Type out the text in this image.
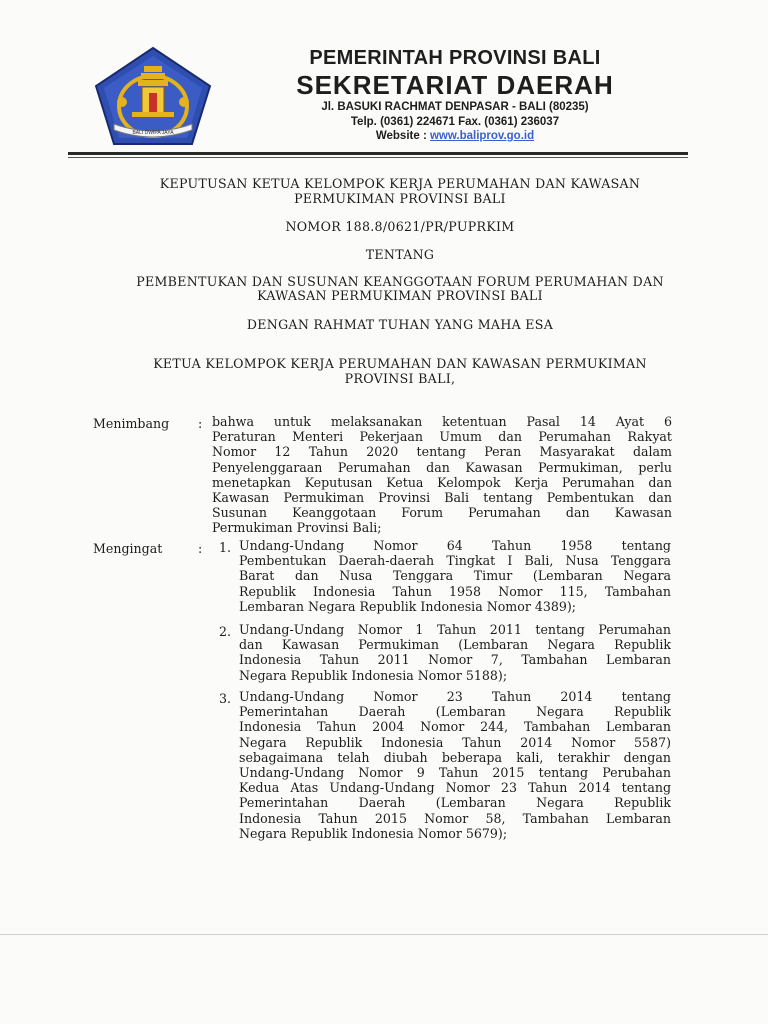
BALI DWIPA JAYA
PEMERINTAH PROVINSI BALI
SEKRETARIAT DAERAH
Jl. BASUKI RACHMAT DENPASAR - BALI (80235)
Telp. (0361) 224671 Fax. (0361) 236037
Website : www.baliprov.go.id
KEPUTUSAN KETUA KELOMPOK KERJA PERUMAHAN DAN KAWASAN
PERMUKIMAN PROVINSI BALI
NOMOR 188.8/0621/PR/PUPRKIM
TENTANG
PEMBENTUKAN DAN SUSUNAN KEANGGOTAAN FORUM PERUMAHAN DAN
KAWASAN PERMUKIMAN PROVINSI BALI
DENGAN RAHMAT TUHAN YANG MAHA ESA
KETUA KELOMPOK KERJA PERUMAHAN DAN KAWASAN PERMUKIMAN
PROVINSI BALI,
Menimbang : bahwa untuk melaksanakan ketentuan Pasal 14 Ayat 6
Peraturan Menteri Pekerjaan Umum dan Perumahan Rakyat
Nomor 12 Tahun 2020 tentang Peran Masyarakat dalam
Penyelenggaraan Perumahan dan Kawasan Permukiman, perlu
menetapkan Keputusan Ketua Kelompok Kerja Perumahan dan
Kawasan Permukiman Provinsi Bali tentang Pembentukan dan
Susunan Keanggotaan Forum Perumahan dan Kawasan
Permukiman Provinsi Bali;
Mengingat	: 1. Undang-Undang Nomor 64 Tahun 1958 tentang
Pembentukan Daerah-daerah Tingkat I Bali, Nusa Tenggara
Barat dan Nusa Tenggara Timur (Lembaran Negara
Republik Indonesia Tahun 1958 Nomor 115, Tambahan
Lembaran Negara Republik Indonesia Nomor 4389);
2. Undang-Undang Nomor 1 Tahun 2011 tentang Perumahan
dan Kawasan Permukiman (Lembaran Negara Republik
Indonesia Tahun 2011 Nomor 7, Tambahan Lembaran
Negara Republik Indonesia Nomor 5188);
3. Undang-Undang Nomor 23 Tahun 2014 tentang
Pemerintahan Daerah (Lembaran Negara Republik
Indonesia Tahun 2004 Nomor 244, Tambahan Lembaran
Negara Republik Indonesia Tahun 2014 Nomor 5587)
sebagaimana telah diubah beberapa kali, terakhir dengan
Undang-Undang Nomor 9 Tahun 2015 tentang Perubahan
Kedua Atas Undang-Undang Nomor 23 Tahun 2014 tentang
Pemerintahan Daerah (Lembaran Negara Republik
Indonesia Tahun 2015 Nomor 58, Tambahan Lembaran
Negara Republik Indonesia Nomor 5679);
